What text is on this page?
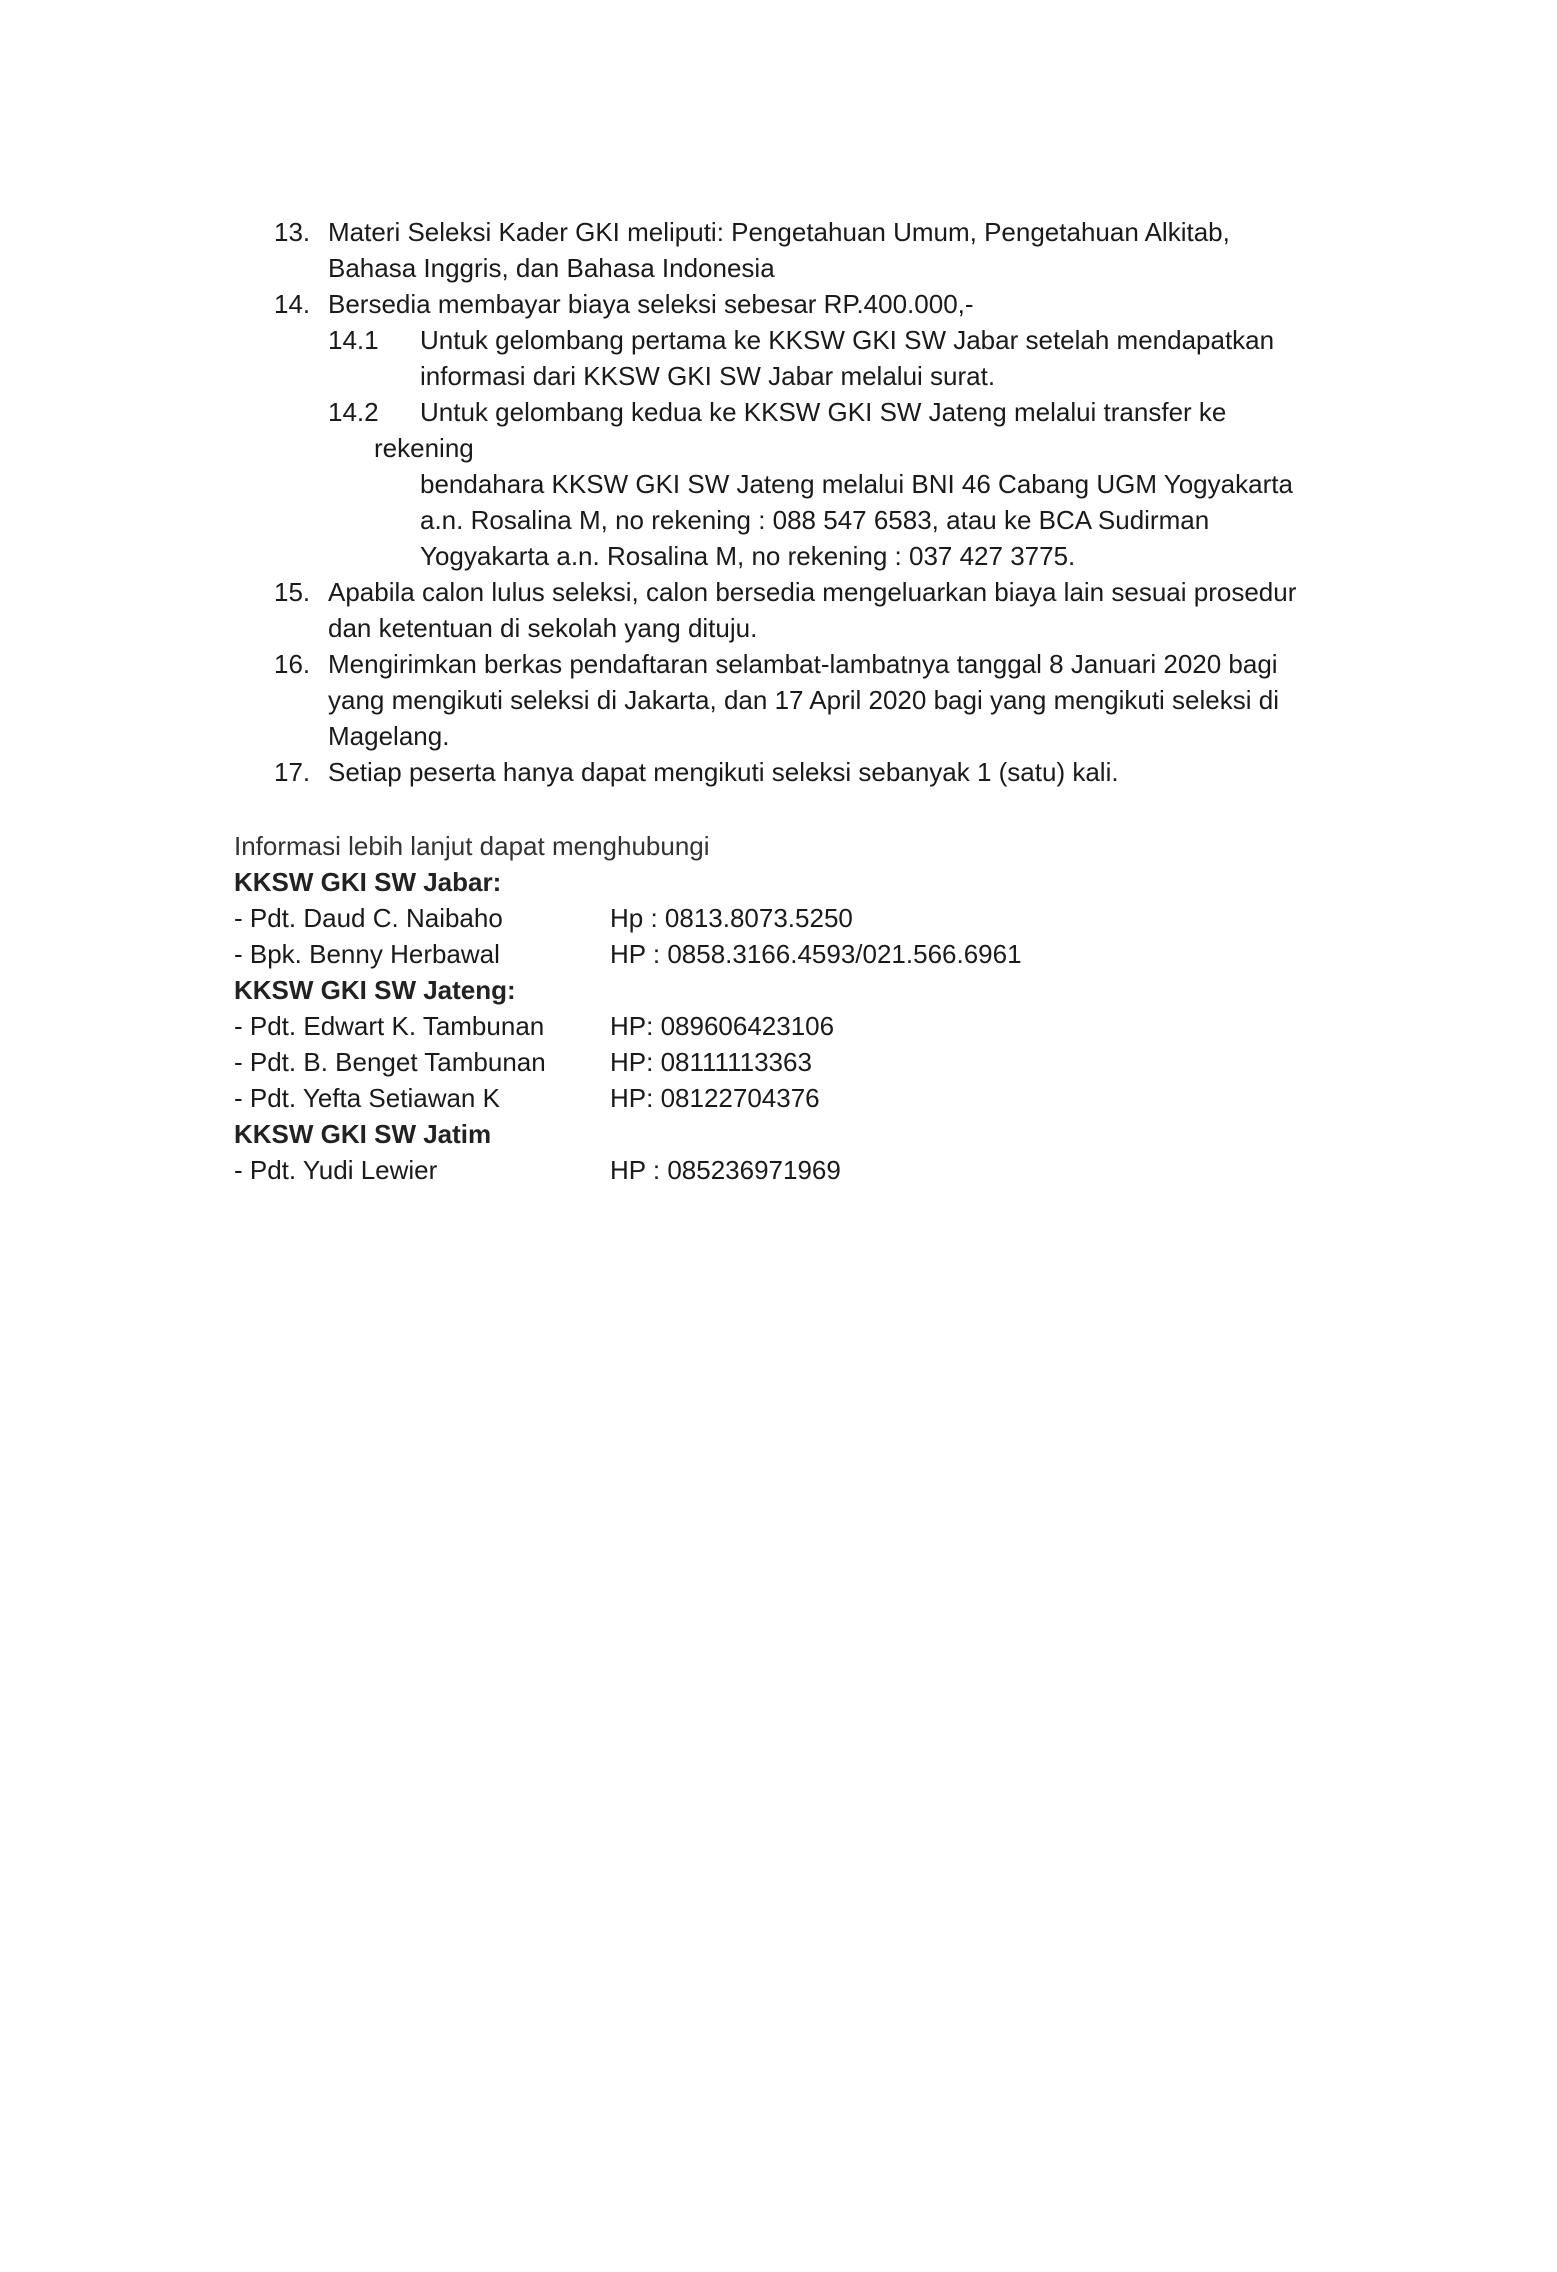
13. Materi Seleksi Kader GKI meliputi: Pengetahuan Umum, Pengetahuan Alkitab,
Bahasa Inggris, dan Bahasa Indonesia
14. Bersedia membayar biaya seleksi sebesar RP.400.000,-
14.1 Untuk gelombang pertama ke KKSW GKI SW Jabar setelah mendapatkan
informasi dari KKSW GKI SW Jabar melalui surat.
14.2 Untuk gelombang kedua ke KKSW GKI SW Jateng melalui transfer ke
rekening
bendahara KKSW GKI SW Jateng melalui BNI 46 Cabang UGM Yogyakarta
a.n. Rosalina M, no rekening : 088 547 6583, atau ke BCA Sudirman
Yogyakarta a.n. Rosalina M, no rekening : 037 427 3775.
15. Apabila calon lulus seleksi, calon bersedia mengeluarkan biaya lain sesuai prosedur
dan ketentuan di sekolah yang dituju.
16. Mengirimkan berkas pendaftaran selambat-lambatnya tanggal 8 Januari 2020 bagi
yang mengikuti seleksi di Jakarta, dan 17 April 2020 bagi yang mengikuti seleksi di
Magelang.
17. Setiap peserta hanya dapat mengikuti seleksi sebanyak 1 (satu) kali.
Informasi lebih lanjut dapat menghubungi
KKSW GKI SW Jabar:
- Pdt. Daud C. Naibaho	Hp : 0813.8073.5250
- Bpk. Benny Herbawal	HP : 0858.3166.4593/021.566.6961
KKSW GKI SW Jateng:
- Pdt. Edwart K. Tambunan	HP: 089606423106
- Pdt. B. Benget Tambunan HP: 08111113363
- Pdt. Yefta Setiawan K	HP: 08122704376
KKSW GKI SW Jatim
- Pdt. Yudi Lewier	HP : 085236971969
